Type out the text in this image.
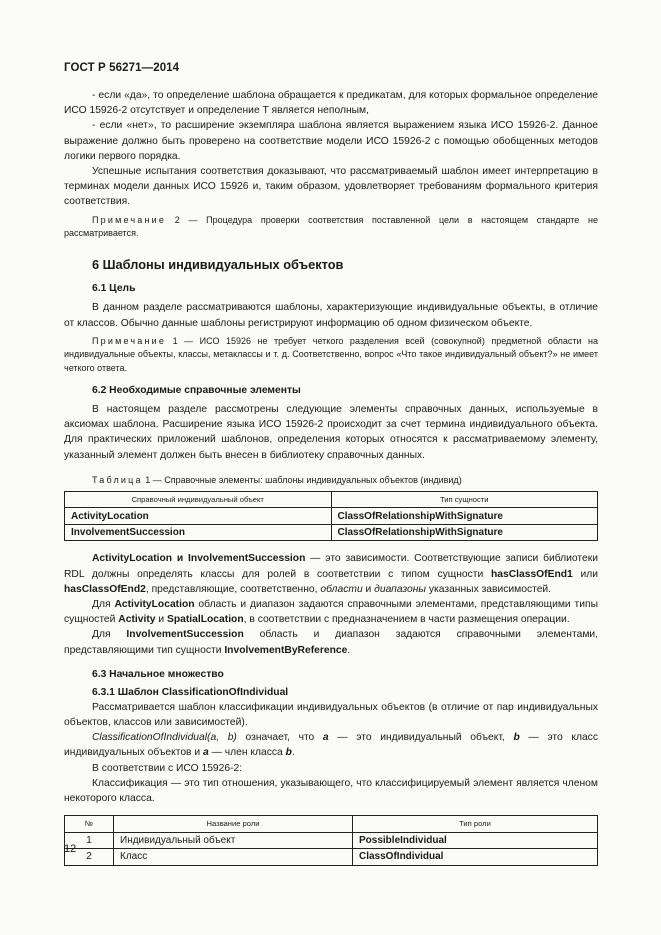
ГОСТ Р 56271—2014

- если «да», то определение шаблона обращается к предикатам, для которых формальное определение ИСО 15926-2 отсутствует и определение T является неполным,

- если «нет», то расширение экземпляра шаблона является выражением языка ИСО 15926-2. Данное выражение должно быть проверено на соответствие модели ИСО 15926-2 с помощью обобщенных методов логики первого порядка.

Успешные испытания соответствия доказывают, что рассматриваемый шаблон имеет интерпретацию в терминах модели данных ИСО 15926 и, таким образом, удовлетворяет требованиям формального критерия соответствия.

Примечание 2 — Процедура проверки соответствия поставленной цели в настоящем стандарте не рассматривается.

6 Шаблоны индивидуальных объектов
6.1 Цель

В данном разделе рассматриваются шаблоны, характеризующие индивидуальные объекты, в отличие от классов. Обычно данные шаблоны регистрируют информацию об одном физическом объекте.

Примечание 1 — ИСО 15926 не требует четкого разделения всей (совокупной) предметной области на индивидуальные объекты, классы, метаклассы и т. д. Соответственно, вопрос «Что такое индивидуальный объект?» не имеет четкого ответа.

6.2 Необходимые справочные элементы

В настоящем разделе рассмотрены следующие элементы справочных данных, используемые в аксиомах шаблона. Расширение языка ИСО 15926-2 происходит за счет термина индивидуального объекта. Для практических приложений шаблонов, определения которых относятся к рассматриваемому элементу, указанный элемент должен быть внесен в библиотеку справочных данных.

Таблица 1 — Справочные элементы: шаблоны индивидуальных объектов (индивид)

Справочный индивидуальный объект	Тип сущности
ActivityLocation	ClassOfRelationshipWithSignature
InvolvementSuccession	ClassOfRelationshipWithSignature

ActivityLocation и InvolvementSuccession — это зависимости. Соответствующие записи библиотеки RDL должны определять классы для ролей в соответствии с типом сущности hasClassOfEnd1 или hasClassOfEnd2, представляющие, соответственно, области и диапазоны указанных зависимостей.

Для ActivityLocation область и диапазон задаются справочными элементами, представляющими типы сущностей Activity и SpatialLocation, в соответствии с предназначением в части размещения операции.

Для InvolvementSuccession область и диапазон задаются справочными элементами, представляющими тип сущности InvolvementByReference.

6.3 Начальное множество
6.3.1 Шаблон ClassificationOfIndividual

Рассматривается шаблон классификации индивидуальных объектов (в отличие от пар индивидуальных объектов, классов или зависимостей).

ClassificationOfIndividual(a, b) означает, что a — это индивидуальный объект, b — это класс индивидуальных объектов и a — член класса b.

В соответствии с ИСО 15926-2:

Классификация — это тип отношения, указывающего, что классифицируемый элемент является членом некоторого класса.

№	Название роли	Тип роли
1	Индивидуальный объект	PossibleIndividual
2	Класс	ClassOfIndividual
12
